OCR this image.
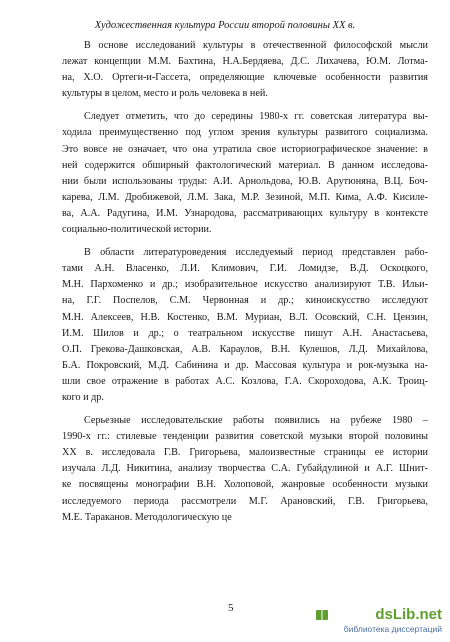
Художественная культура России второй половины XX в.
В основе исследований культуры в отечественной философской мысли
лежат концепции М.М. Бахтина, Н.А.Бердяева, Д.С. Лихачева, Ю.М. Лотма-
на, Х.О. Ортеги-и-Гассета, определяющие ключевые особенности развития
культуры в целом, место и роль человека в ней.
Следует отметить, что до середины 1980-х гг. советская литература вы-
ходила преимущественно под углом зрения культуры развитого социализма.
Это вовсе не означает, что она утратила свое историографическое значение: в
ней содержится обширный фактологический материал. В данном исследова-
нии были использованы труды: А.И. Арнольдова, Ю.В. Арутюняна, В.Ц. Боч-
карева, Л.М. Дробижевой, Л.М. Зака, М.Р. Зезиной, М.П. Кима, А.Ф. Кисиле-
ва, А.А. Радугина, И.М. Узнародова, рассматривающих культуру в контексте
социально-политической истории.
В области литературоведения исследуемый период представлен рабо-
тами А.Н. Власенко, Л.И. Климович, Г.И. Ломидзе, В.Д. Оскоцкого,
М.Н. Пархоменко и др.; изобразительное искусство анализируют Т.В. Ильи-
на, Г.Г. Поспелов, С.М. Червонная и др.; киноискусство исследуют
М.Н. Алексеев, Н.В. Костенко, В.М. Муриан, В.Л. Осовский, С.Н. Цензин,
И.М. Шилов и др.; о театральном искусстве пишут А.Н. Анастасьева,
О.П. Грекова-Дашковская, А.В. Караулов, В.Н. Кулешов, Л.Д. Михайлова,
Б.А. Покровский, М.Д. Сабинина и др. Массовая культура и рок-музыка на-
шли свое отражение в работах А.С. Козлова, Г.А. Скороходова, А.К. Троиц-
кого и др.
Серьезные исследовательские работы появились на рубеже 1980 –
1990-х гг.: стилевые тенденции развития советской музыки второй половины
XX в. исследовала Г.В. Григорьева, малоизвестные страницы ее истории
изучала Л.Д. Никитина, анализу творчества С.А. Губайдулиной и А.Г. Шнит-
ке посвящены монографии В.Н. Холоповой, жанровые особенности музыки
исследуемого периода рассмотрели М.Г. Арановский, Г.В. Григорьева,
М.Е. Тараканов. Методологическую це
5	dsLib.net
библиотека диссертаций
